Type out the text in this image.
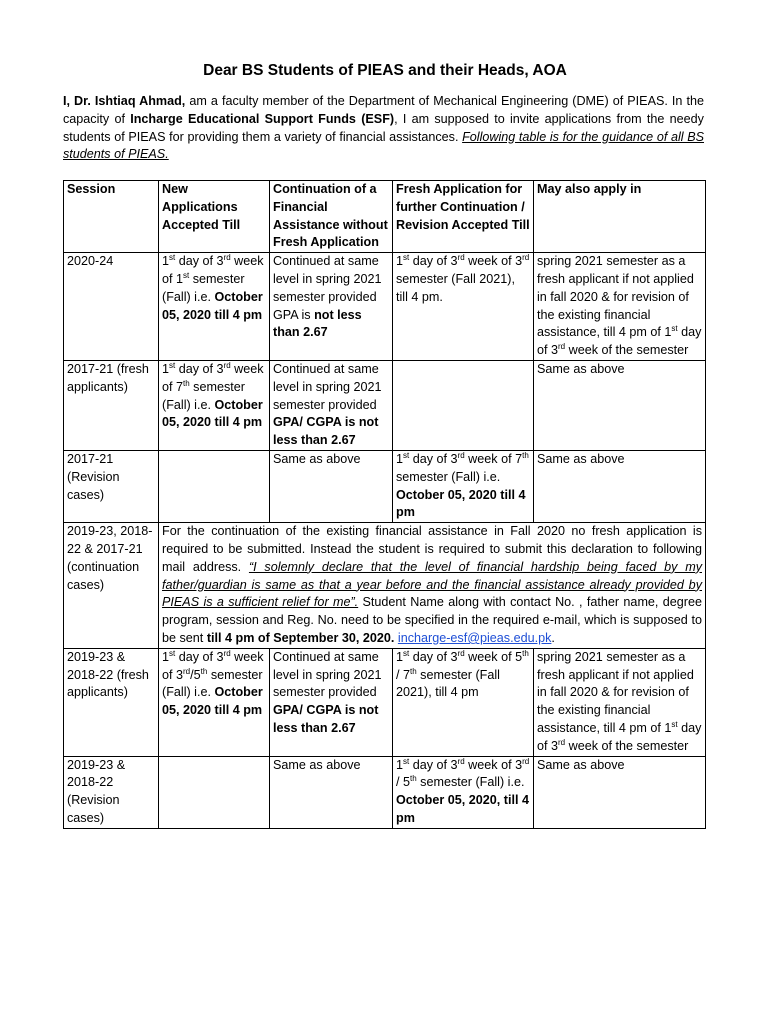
Dear BS Students of PIEAS and their Heads, AOA
I, Dr. Ishtiaq Ahmad, am a faculty member of the Department of Mechanical Engineering (DME) of PIEAS. In the capacity of Incharge Educational Support Funds (ESF), I am supposed to invite applications from the needy students of PIEAS for providing them a variety of financial assistances. Following table is for the guidance of all BS students of PIEAS.
Session	New Applications Accepted Till	Continuation of a Financial Assistance without Fresh Application	Fresh Application for further Continuation / Revision Accepted Till	May also apply in
2020-24	1st day of 3rd week of 1st semester (Fall) i.e. October 05, 2020 till 4 pm	Continued at same level in spring 2021 semester provided GPA is not less than 2.67	1st day of 3rd week of 3rd semester (Fall 2021), till 4 pm.	spring 2021 semester as a fresh applicant if not applied in fall 2020 & for revision of the existing financial assistance, till 4 pm of 1st day of 3rd week of the semester
2017-21 (fresh applicants)	1st day of 3rd week of 7th semester (Fall) i.e. October 05, 2020 till 4 pm	Continued at same level in spring 2021 semester provided GPA/ CGPA is not less than 2.67		Same as above
2017-21 (Revision cases)		Same as above	1st day of 3rd week of 7th semester (Fall) i.e. October 05, 2020 till 4 pm	Same as above
2019-23, 2018-22 & 2017-21 (continuation cases)	For the continuation of the existing financial assistance in Fall 2020 no fresh application is required to be submitted. Instead the student is required to submit this declaration to following mail address. “I solemnly declare that the level of financial hardship being faced by my father/guardian is same as that a year before and the financial assistance already provided by PIEAS is a sufficient relief for me”. Student Name along with contact No. , father name, degree program, session and Reg. No. need to be specified in the required e-mail, which is supposed to be sent till 4 pm of September 30, 2020. incharge-esf@pieas.edu.pk.			
2019-23 & 2018-22 (fresh applicants)	1st day of 3rd week of 3rd/5th semester (Fall) i.e. October 05, 2020 till 4 pm	Continued at same level in spring 2021 semester provided GPA/ CGPA is not less than 2.67	1st day of 3rd week of 5th / 7th semester (Fall 2021), till 4 pm	spring 2021 semester as a fresh applicant if not applied in fall 2020 & for revision of the existing financial assistance, till 4 pm of 1st day of 3rd week of the semester
2019-23 & 2018-22 (Revision cases)		Same as above	1st day of 3rd week of 3rd / 5th semester (Fall) i.e. October 05, 2020, till 4 pm	Same as above
